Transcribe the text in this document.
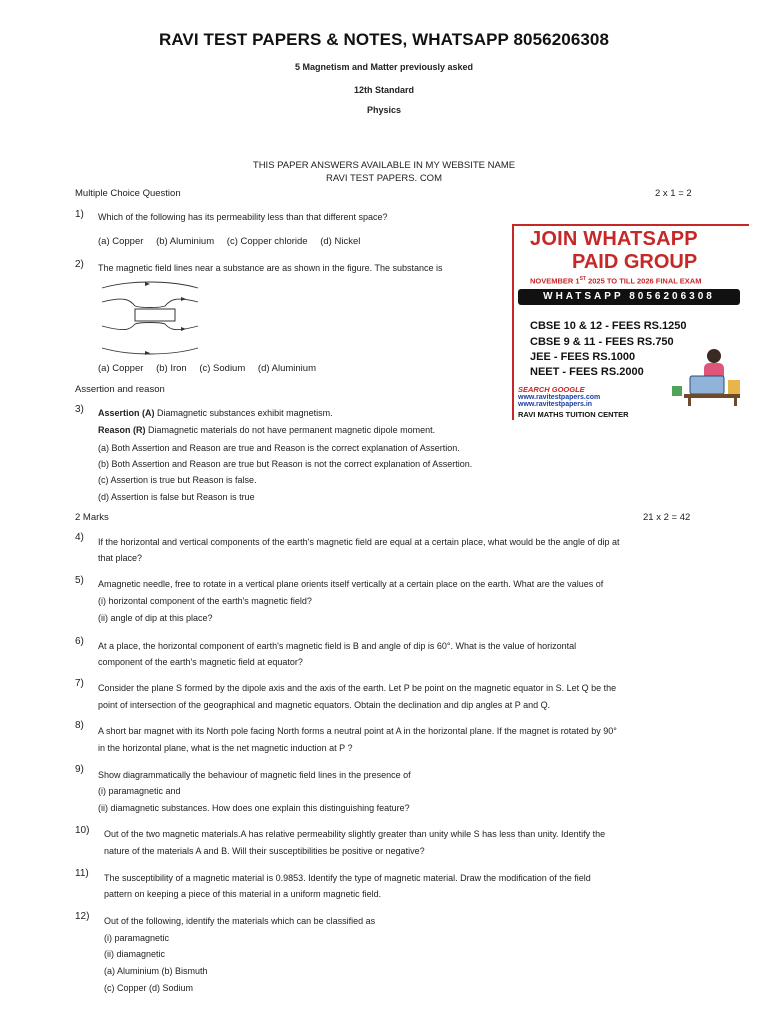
RAVI TEST PAPERS & NOTES, WHATSAPP 8056206308
5 Magnetism and Matter previously asked
12th Standard
Physics
THIS PAPER ANSWERS AVAILABLE IN MY WEBSITE NAME
RAVI TEST PAPERS. COM
Multiple Choice Question	2 x 1 = 2
1) Which of the following has its permeability less than that different space?
(a) Copper (b) Aluminium (c) Copper chloride (d) Nickel
2) The magnetic field lines near a substance are as shown in the figure. The substance is
(a) Copper (b) Iron (c) Sodium (d) Aluminium
Assertion and reason
3) Assertion (A) Diamagnetic substances exhibit magnetism.
Reason (R) Diamagnetic materials do not have permanent magnetic dipole moment.
(a) Both Assertion and Reason are true and Reason is the correct explanation of Assertion.
(b) Both Assertion and Reason are true but Reason is not the correct explanation of Assertion.
(c) Assertion is true but Reason is false.
(d) Assertion is false but Reason is true
2 Marks	21 x 2 = 42
4) If the horizontal and vertical components of the earth's magnetic field are equal at a certain place, what would be the angle of dip at
that place?
5) Amagnetic needle, free to rotate in a vertical plane orients itself vertically at a certain place on the earth. What are the values of
(i) horizontal component of the earth's magnetic field?
(ii) angle of dip at this place?
6) At a place, the horizontal component of earth's magnetic field is B and angle of dip is 60°. What is the value of horizontal
component of the earth's magnetic field at equator?
7) Consider the plane S formed by the dipole axis and the axis of the earth. Let P be point on the magnetic equator in S. Let Q be the
point of intersection of the geographical and magnetic equators. Obtain the declination and dip angles at P and Q.
8) A short bar magnet with its North pole facing North forms a neutral point at A in the horizontal plane. If the magnet is rotated by 90°
in the horizontal plane, what is the net magnetic induction at P ?
9) Show diagrammatically the behaviour of magnetic field lines in the presence of
(i) paramagnetic and
(ii) diamagnetic substances. How does one explain this distinguishing feature?
10) Out of the two magnetic materials.A has relative permeability slightly greater than unity while S has less than unity. Identify the
nature of the materials A and B. Will their susceptibilities be positive or negative?
11) The susceptibility of a magnetic material is 0.9853. Identify the type of magnetic material. Draw the modification of the field
pattern on keeping a piece of this material in a uniform magnetic field.
12) Out of the following, identify the materials which can be classified as
(i) paramagnetic
(ii) diamagnetic
(a) Aluminium (b) Bismuth
(c) Copper (d) Sodium
JOIN WHATSAPP
PAID GROUP
NOVEMBER 1ST 2025 TO TILL 2026 FINAL EXAM
WHATSAPP 8056206308
CBSE 10 & 12 - FEES RS.1250
CBSE 9 & 11 - FEES RS.750
JEE - FEES RS.1000
NEET - FEES RS.2000
SEARCH GOOGLE
www.ravitestpapers.com
www.ravitestpapers.in
RAVI MATHS TUITION CENTER
